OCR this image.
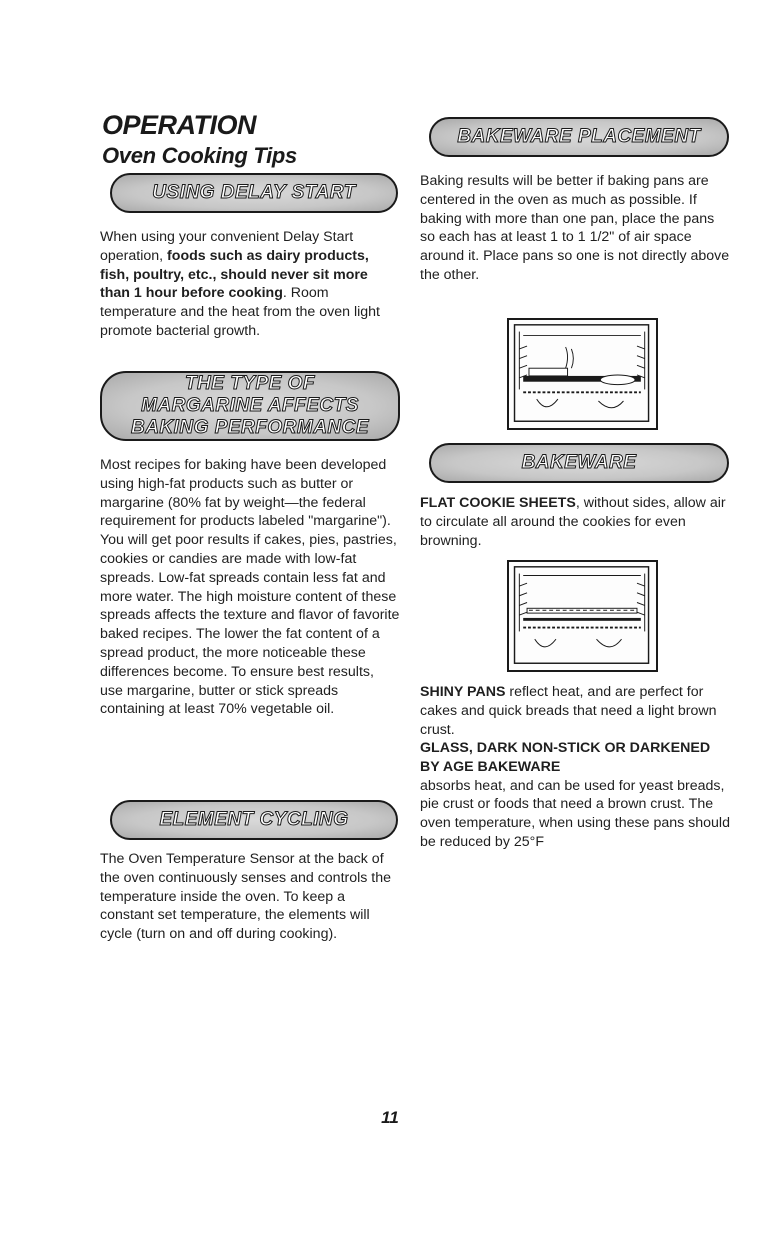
OPERATION
Oven Cooking Tips
USING DELAY START

When using your convenient Delay Start operation, foods such as dairy products, fish, poultry, etc., should never sit more than 1 hour before cooking. Room temperature and the heat from the oven light promote bacterial growth.

THE TYPE OF
MARGARINE AFFECTS
BAKING PERFORMANCE

Most recipes for baking have been developed using high-fat products such as butter or margarine (80% fat by weight—the federal requirement for products labeled "margarine"). You will get poor results if cakes, pies, pastries, cookies or candies are made with low-fat spreads. Low-fat spreads contain less fat and more water. The high moisture content of these spreads affects the texture and flavor of favorite baked recipes. The lower the fat content of a spread product, the more noticeable these differences become. To ensure best results, use margarine, butter or stick spreads containing at least 70% vegetable oil.

ELEMENT CYCLING

The Oven Temperature Sensor at the back of the oven continuously senses and controls the temperature inside the oven. To keep a constant set temperature, the elements will cycle (turn on and off during cooking).

BAKEWARE PLACEMENT

Baking results will be better if baking pans are centered in the oven as much as possible. If baking with more than one pan, place the pans so each has at least 1 to 1 1/2" of air space around it. Place pans so one is not directly above the other.

BAKEWARE

FLAT COOKIE SHEETS, without sides, allow air to circulate all around the cookies for even browning.

SHINY PANS reflect heat, and are perfect for cakes and quick breads that need a light brown crust.

GLASS, DARK NON-STICK OR DARKENED BY AGE BAKEWARE
absorbs heat, and can be used for yeast breads, pie crust or foods that need a brown crust. The oven temperature, when using these pans should be reduced by 25°F

11
